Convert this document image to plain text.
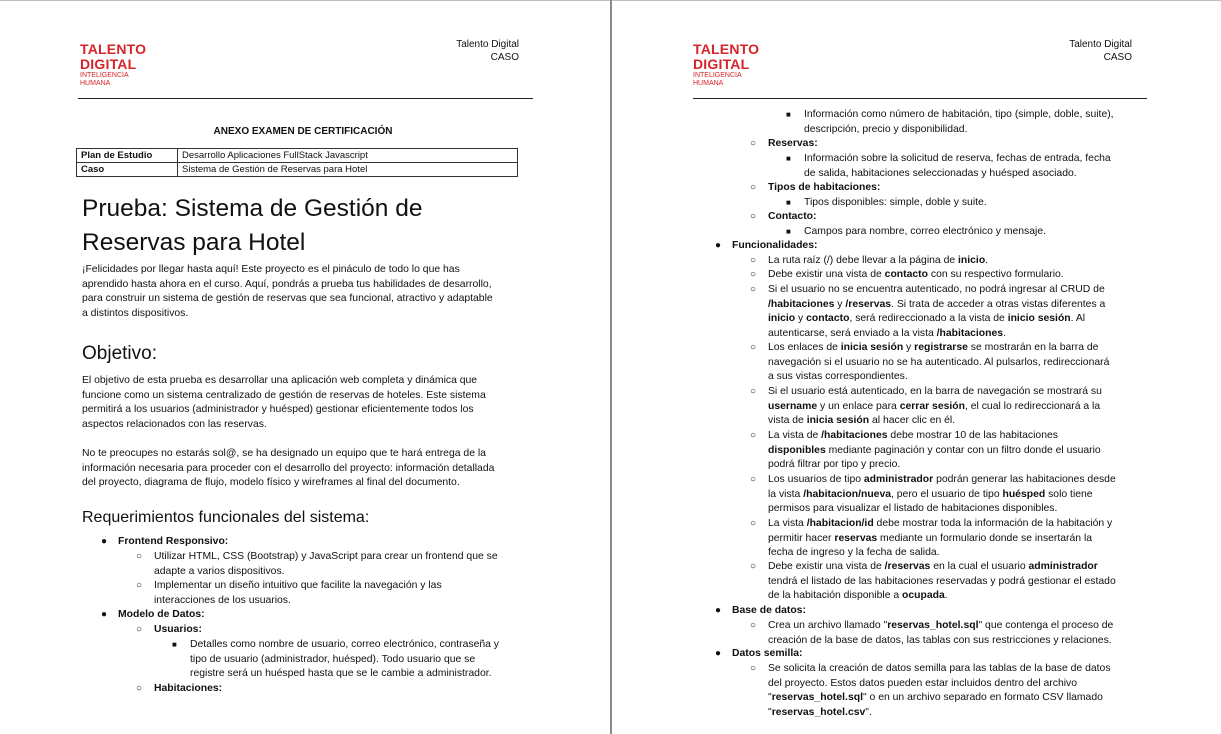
TALENTO
DIGITAL
INTELIGENCIA
HUMANA
Talento Digital
CASO
ANEXO EXAMEN DE CERTIFICACIÓN
Plan de Estudio	Desarrollo Aplicaciones FullStack Javascript
Caso	Sistema de Gestión de Reservas para Hotel
Prueba: Sistema de Gestión de
Reservas para Hotel
¡Felicidades por llegar hasta aquí! Este proyecto es el pináculo de todo lo que has
aprendido hasta ahora en el curso. Aquí, pondrás a prueba tus habilidades de desarrollo,
para construir un sistema de gestión de reservas que sea funcional, atractivo y adaptable
a distintos dispositivos.
Objetivo:
El objetivo de esta prueba es desarrollar una aplicación web completa y dinámica que
funcione como un sistema centralizado de gestión de reservas de hoteles. Este sistema
permitirá a los usuarios (administrador y huésped) gestionar eficientemente todos los
aspectos relacionados con las reservas.
No te preocupes no estarás sol@, se ha designado un equipo que te hará entrega de la
información necesaria para proceder con el desarrollo del proyecto: información detallada
del proyecto, diagrama de flujo, modelo físico y wireframes al final del documento.
Requerimientos funcionales del sistema:
● Frontend Responsivo:
○ Utilizar HTML, CSS (Bootstrap) y JavaScript para crear un frontend que se
adapte a varios dispositivos.
○ Implementar un diseño intuitivo que facilite la navegación y las
interacciones de los usuarios.
● Modelo de Datos:
○ Usuarios:
■ Detalles como nombre de usuario, correo electrónico, contraseña y
tipo de usuario (administrador, huésped). Todo usuario que se
registre será un huésped hasta que se le cambie a administrador.
○ Habitaciones:
TALENTO
DIGITAL
INTELIGENCIA
HUMANA
Talento Digital
CASO
■ Información como número de habitación, tipo (simple, doble, suite),
descripción, precio y disponibilidad.
○ Reservas:
■ Información sobre la solicitud de reserva, fechas de entrada, fecha
de salida, habitaciones seleccionadas y huésped asociado.
○ Tipos de habitaciones:
■ Tipos disponibles: simple, doble y suite.
○ Contacto:
■ Campos para nombre, correo electrónico y mensaje.
● Funcionalidades:
○ La ruta raíz (/) debe llevar a la página de inicio.
○ Debe existir una vista de contacto con su respectivo formulario.
○ Si el usuario no se encuentra autenticado, no podrá ingresar al CRUD de
/habitaciones y /reservas. Si trata de acceder a otras vistas diferentes a
inicio y contacto, será redireccionado a la vista de inicio sesión. Al
autenticarse, será enviado a la vista /habitaciones.
○ Los enlaces de inicia sesión y registrarse se mostrarán en la barra de
navegación si el usuario no se ha autenticado. Al pulsarlos, redireccionará
a sus vistas correspondientes.
○ Si el usuario está autenticado, en la barra de navegación se mostrará su
username y un enlace para cerrar sesión, el cual lo redireccionará a la
vista de inicia sesión al hacer clic en él.
○ La vista de /habitaciones debe mostrar 10 de las habitaciones
disponibles mediante paginación y contar con un filtro donde el usuario
podrá filtrar por tipo y precio.
○ Los usuarios de tipo administrador podrán generar las habitaciones desde
la vista /habitacion/nueva, pero el usuario de tipo huésped solo tiene
permisos para visualizar el listado de habitaciones disponibles.
○ La vista /habitacion/id debe mostrar toda la información de la habitación y
permitir hacer reservas mediante un formulario donde se insertarán la
fecha de ingreso y la fecha de salida.
○ Debe existir una vista de /reservas en la cual el usuario administrador
tendrá el listado de las habitaciones reservadas y podrá gestionar el estado
de la habitación disponible a ocupada.
● Base de datos:
○ Crea un archivo llamado "reservas_hotel.sql" que contenga el proceso de
creación de la base de datos, las tablas con sus restricciones y relaciones.
● Datos semilla:
○ Se solicita la creación de datos semilla para las tablas de la base de datos
del proyecto. Estos datos pueden estar incluidos dentro del archivo
"reservas_hotel.sql" o en un archivo separado en formato CSV llamado
"reservas_hotel.csv".
